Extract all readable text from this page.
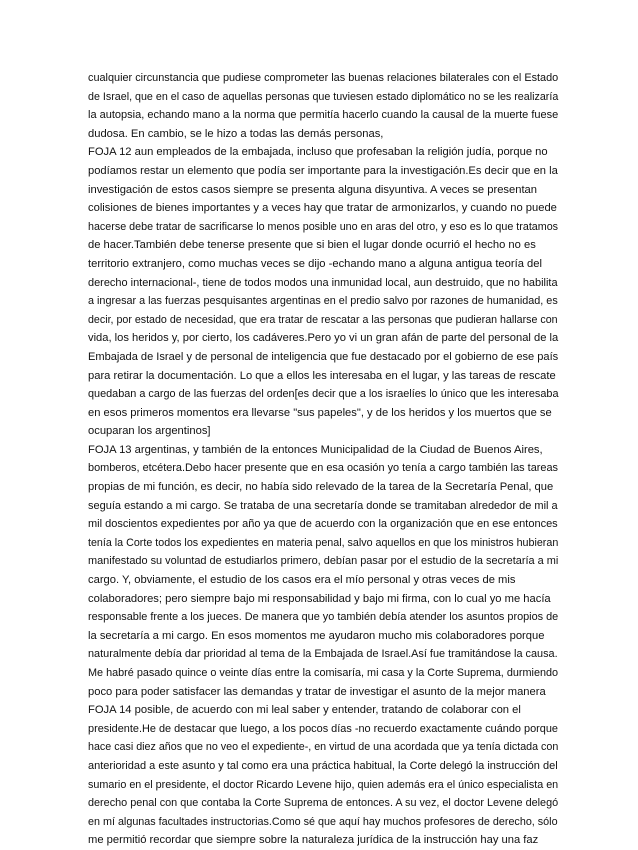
cualquier circunstancia que pudiese comprometer las buenas relaciones bilaterales con el Estado
de Israel, que en el caso de aquellas personas que tuviesen estado diplomático no se les realizaría
la autopsia, echando mano a la norma que permitía hacerlo cuando la causal de la muerte fuese
dudosa. En cambio, se le hizo a todas las demás personas,
FOJA 12 aun empleados de la embajada, incluso que profesaban la religión judía, porque no
podíamos restar un elemento que podía ser importante para la investigación.Es decir que en la
investigación de estos casos siempre se presenta alguna disyuntiva. A veces se presentan
colisiones de bienes importantes y a veces hay que tratar de armonizarlos, y cuando no puede
hacerse debe tratar de sacrificarse lo menos posible uno en aras del otro, y eso es lo que tratamos
de hacer.También debe tenerse presente que si bien el lugar donde ocurrió el hecho no es
territorio extranjero, como muchas veces se dijo -echando mano a alguna antigua teoría del
derecho internacional-, tiene de todos modos una inmunidad local, aun destruido, que no habilita
a ingresar a las fuerzas pesquisantes argentinas en el predio salvo por razones de humanidad, es
decir, por estado de necesidad, que era tratar de rescatar a las personas que pudieran hallarse con
vida, los heridos y, por cierto, los cadáveres.Pero yo vi un gran afán de parte del personal de la
Embajada de Israel y de personal de inteligencia que fue destacado por el gobierno de ese país
para retirar la documentación. Lo que a ellos les interesaba en el lugar, y las tareas de rescate
quedaban a cargo de las fuerzas del orden[es decir que a los israelíes lo único que les interesaba
en esos primeros momentos era llevarse "sus papeles", y de los heridos y los muertos que se
ocuparan los argentinos]
FOJA 13 argentinas, y también de la entonces Municipalidad de la Ciudad de Buenos Aires,
bomberos, etcétera.Debo hacer presente que en esa ocasión yo tenía a cargo también las tareas
propias de mi función, es decir, no había sido relevado de la tarea de la Secretaría Penal, que
seguía estando a mi cargo. Se trataba de una secretaría donde se tramitaban alrededor de mil a
mil doscientos expedientes por año ya que de acuerdo con la organización que en ese entonces
tenía la Corte todos los expedientes en materia penal, salvo aquellos en que los ministros hubieran
manifestado su voluntad de estudiarlos primero, debían pasar por el estudio de la secretaría a mi
cargo. Y, obviamente, el estudio de los casos era el mío personal y otras veces de mis
colaboradores; pero siempre bajo mi responsabilidad y bajo mi firma, con lo cual yo me hacía
responsable frente a los jueces. De manera que yo también debía atender los asuntos propios de
la secretaría a mi cargo. En esos momentos me ayudaron mucho mis colaboradores porque
naturalmente debía dar prioridad al tema de la Embajada de Israel.Así fue tramitándose la causa.
Me habré pasado quince o veinte días entre la comisaría, mi casa y la Corte Suprema, durmiendo
poco para poder satisfacer las demandas y tratar de investigar el asunto de la mejor manera
FOJA 14 posible, de acuerdo con mi leal saber y entender, tratando de colaborar con el
presidente.He de destacar que luego, a los pocos días -no recuerdo exactamente cuándo porque
hace casi diez años que no veo el expediente-, en virtud de una acordada que ya tenía dictada con
anterioridad a este asunto y tal como era una práctica habitual, la Corte delegó la instrucción del
sumario en el presidente, el doctor Ricardo Levene hijo, quien además era el único especialista en
derecho penal con que contaba la Corte Suprema de entonces. A su vez, el doctor Levene delegó
en mí algunas facultades instructorias.Como sé que aquí hay muchos profesores de derecho, sólo
me permitió recordar que siempre sobre la naturaleza jurídica de la instrucción hay una faz
